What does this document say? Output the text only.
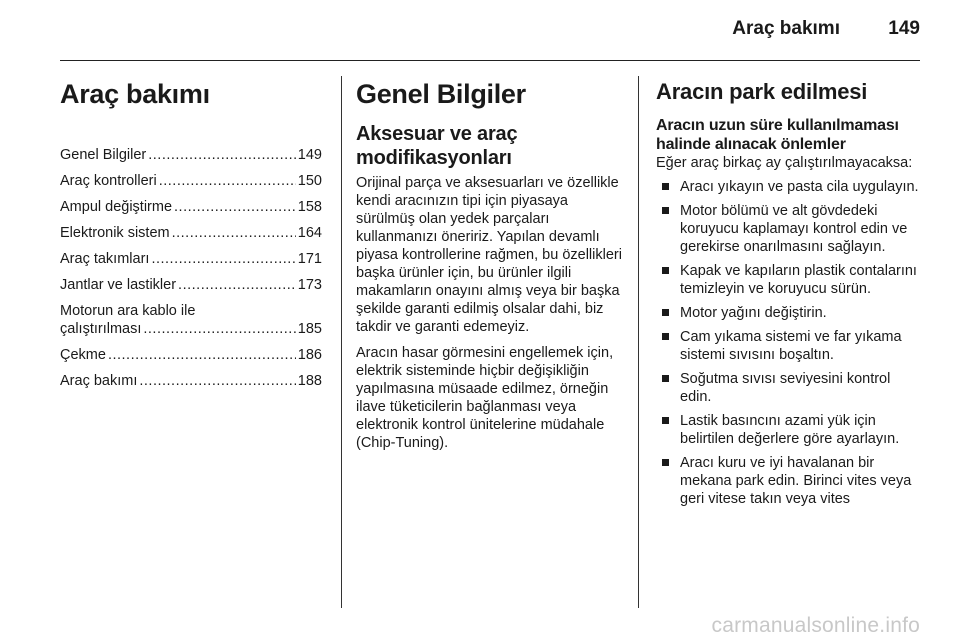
Araç bakımı	149
Araç bakımı
Genel Bilgiler .....	149
Araç kontrolleri .....	150
Ampul değiştirme .....	158
Elektronik sistem .....	164
Araç takımları .....	171
Jantlar ve lastikler .....	173
Motorun ara kablo ile
çalıştırılması .....	185
Çekme .....	186
Araç bakımı .....	188
Genel Bilgiler
Aksesuar ve araç modifikasyonları

Orijinal parça ve aksesuarları ve özellikle kendi aracınızın tipi için piyasaya sürülmüş olan yedek parçaları kullanmanızı öneririz. Yapılan devamlı piyasa kontrollerine rağmen, bu özellikleri başka ürünler için, bu ürünler ilgili makamların onayını almış veya bir başka şekilde garanti edilmiş olsalar dahi, biz takdir ve garanti edemeyiz.

Aracın hasar görmesini engellemek için, elektrik sisteminde hiçbir değişikliğin yapılmasına müsaade edilmez, örneğin ilave tüketicilerin bağlanması veya elektronik kontrol ünitelerine müdahale (Chip-Tuning).

Aracın park edilmesi
Aracın uzun süre kullanılmaması halinde alınacak önlemler

Eğer araç birkaç ay çalıştırılmayacaksa:

Aracı yıkayın ve pasta cila uygulayın.
Motor bölümü ve alt gövdedeki koruyucu kaplamayı kontrol edin ve gerekirse onarılmasını sağlayın.
Kapak ve kapıların plastik contalarını temizleyin ve koruyucu sürün.
Motor yağını değiştirin.
Cam yıkama sistemi ve far yıkama sistemi sıvısını boşaltın.
Soğutma sıvısı seviyesini kontrol edin.
Lastik basıncını azami yük için belirtilen değerlere göre ayarlayın.
Aracı kuru ve iyi havalanan bir mekana park edin. Birinci vites veya geri vitese takın veya vites
carmanualsonline.info
